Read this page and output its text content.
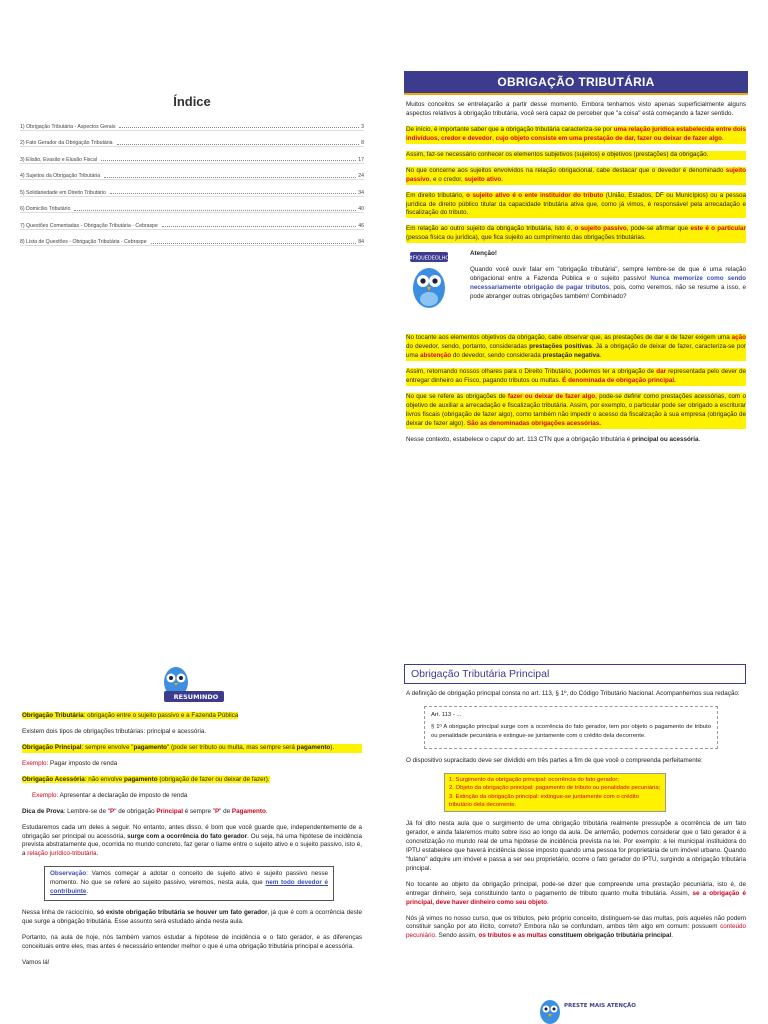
Índice
1) Obrigação Tributária - Aspectos Gerais	3
2) Fato Gerador da Obrigação Tributária	8
3) Elisão, Evasão e Elusão Fiscal	17
4) Sujeitos da Obrigação Tributária	24
5) Solidariedade em Direito Tributário	34
6) Domicílio Tributário	40
7) Questões Comentadas - Obrigação Tributária - Cebraspe	46
8) Lista de Questões - Obrigação Tributária - Cebraspe	84
OBRIGAÇÃO TRIBUTÁRIA

Muitos conceitos se entrelaçarão a partir desse momento. Embora tenhamos visto apenas superficialmente alguns aspectos relativos à obrigação tributária, você será capaz de perceber que "a coisa" está começando a fazer sentido.

De início, é importante saber que a obrigação tributária caracteriza-se por uma relação jurídica estabelecida entre dois indivíduos, credor e devedor, cujo objeto consiste em uma prestação de dar, fazer ou deixar de fazer algo.

Assim, faz-se necessário conhecer os elementos subjetivos (sujeitos) e objetivos (prestações) da obrigação.

No que concerne aos sujeitos envolvidos na relação obrigacional, cabe destacar que o devedor é denominado sujeito passivo, e o credor, sujeito ativo.

Em direito tributário, o sujeito ativo é o ente instituidor do tributo (União, Estados, DF ou Municípios) ou a pessoa jurídica de direito público titular da capacidade tributária ativa que, como já vimos, é responsável pela arrecadação e fiscalização do tributo.

Em relação ao outro sujeito da obrigação tributária, isto é, o sujeito passivo, pode-se afirmar que este é o particular (pessoa física ou jurídica), que fica sujeito ao cumprimento das obrigações tributárias.

#FIQUEDEOLHO

Atenção!

Quando você ouvir falar em "obrigação tributária", sempre lembre-se de que é uma relação obrigacional entre a Fazenda Pública e o sujeito passivo! Nunca memorize como sendo necessariamente obrigação de pagar tributos, pois, como veremos, não se resume a isso, e pode abranger outras obrigações também! Combinado?

No tocante aos elementos objetivos da obrigação, cabe observar que, as prestações de dar e de fazer exigem uma ação do devedor, sendo, portanto, consideradas prestações positivas. Já a obrigação de deixar de fazer, caracteriza-se por uma abstenção do devedor, sendo considerada prestação negativa.

Assim, retornando nossos olhares para o Direito Tributário, podemos ter a obrigação de dar representada pelo dever de entregar dinheiro ao Fisco, pagando tributos ou multas. É denominada de obrigação principal.

No que se refere às obrigações de fazer ou deixar de fazer algo, pode-se definir como prestações acessórias, com o objetivo de auxiliar a arrecadação e fiscalização tributária. Assim, por exemplo, o particular pode ser obrigado a escriturar livros fiscais (obrigação de fazer algo), como também não impedir o acesso da fiscalização à sua empresa (obrigação de deixar de fazer algo). São as denominadas obrigações acessórias.

Nesse contexto, estabelece o caput do art. 113 CTN que a obrigação tributária é principal ou acessória.

RESUMINDO

Obrigação Tributária: obrigação entre o sujeito passivo e a Fazenda Pública

Existem dois tipos de obrigações tributárias: principal e acessória.

Obrigação Principal: sempre envolve "pagamento" (pode ser tributo ou multa, mas sempre será pagamento).

Exemplo: Pagar imposto de renda

Obrigação Acessória: não envolve pagamento (obrigação de fazer ou deixar de fazer).

Exemplo: Apresentar a declaração de imposto de renda

Dica de Prova: Lembre-se de "P" de obrigação Principal é sempre "P" de Pagamento.

Estudaremos cada um deles a seguir. No entanto, antes disso, é bom que você guarde que, independentemente de a obrigação ser principal ou acessória, surge com a ocorrência do fato gerador. Ou seja, há uma hipótese de incidência prevista abstratamente que, ocorrida no mundo concreto, faz gerar o liame entre o sujeito ativo e o sujeito passivo, isto é, a relação jurídico-tributária.

Observação: Vamos começar a adotar o conceito de sujeito ativo e sujeito passivo nesse momento. No que se refere ao sujeito passivo, veremos, nesta aula, que nem todo devedor é contribuinte.

Nessa linha de raciocínio, só existe obrigação tributária se houver um fato gerador, já que é com a ocorrência deste que surge a obrigação tributária. Esse assunto será estudado ainda nesta aula.

Portanto, na aula de hoje, nós também vamos estudar a hipótese de incidência e o fato gerador, e as diferenças conceituais entre eles, mas antes é necessário entender melhor o que é uma obrigação tributária principal e acessória.

Vamos lá!

Obrigação Tributária Principal

A definição de obrigação principal consta no art. 113, § 1º, do Código Tributário Nacional. Acompanhemos sua redação:

Art. 113 - ...

§ 1º A obrigação principal surge com a ocorrência do fato gerador, tem por objeto o pagamento de tributo ou penalidade pecuniária e extingue-se juntamente com o crédito dela decorrente.

O dispositivo supracitado deve ser dividido em três partes a fim de que você o compreenda perfeitamente:

1. Surgimento da obrigação principal: ocorrência do fato gerador;
2. Objeto da obrigação principal: pagamento de tributo ou penalidade pecuniária;
3. Extinção da obrigação principal: extingue-se juntamente com o crédito tributário dela decorrente.

Já foi dito nesta aula que o surgimento de uma obrigação tributária realmente pressupõe a ocorrência de um fato gerador, e ainda falaremos muito sobre isso ao longo da aula. De antemão, podemos considerar que o fato gerador é a concretização no mundo real de uma hipótese de incidência prevista na lei. Por exemplo: a lei municipal instituidora do IPTU estabelece que haverá incidência desse imposto quando uma pessoa for proprietária de um imóvel urbano. Quando "fulano" adquire um imóvel e passa a ser seu proprietário, ocorre o fato gerador do IPTU, surgindo a obrigação tributária principal.

No tocante ao objeto da obrigação principal, pode-se dizer que compreende uma prestação pecuniária, isto é, de entregar dinheiro, seja constituindo tanto o pagamento de tributo quanto multa tributária. Assim, se a obrigação é principal, deve haver dinheiro como seu objeto.

Nós já vimos no nosso curso, que os tributos, pelo próprio conceito, distinguem-se das multas, pois aqueles não podem constituir sanção por ato ilícito, correto? Embora não se confundam, ambos têm algo em comum: possuem conteúdo pecuniário. Sendo assim, os tributos e as multas constituem obrigação tributária principal.

PRESTE MAIS ATENÇÃO
